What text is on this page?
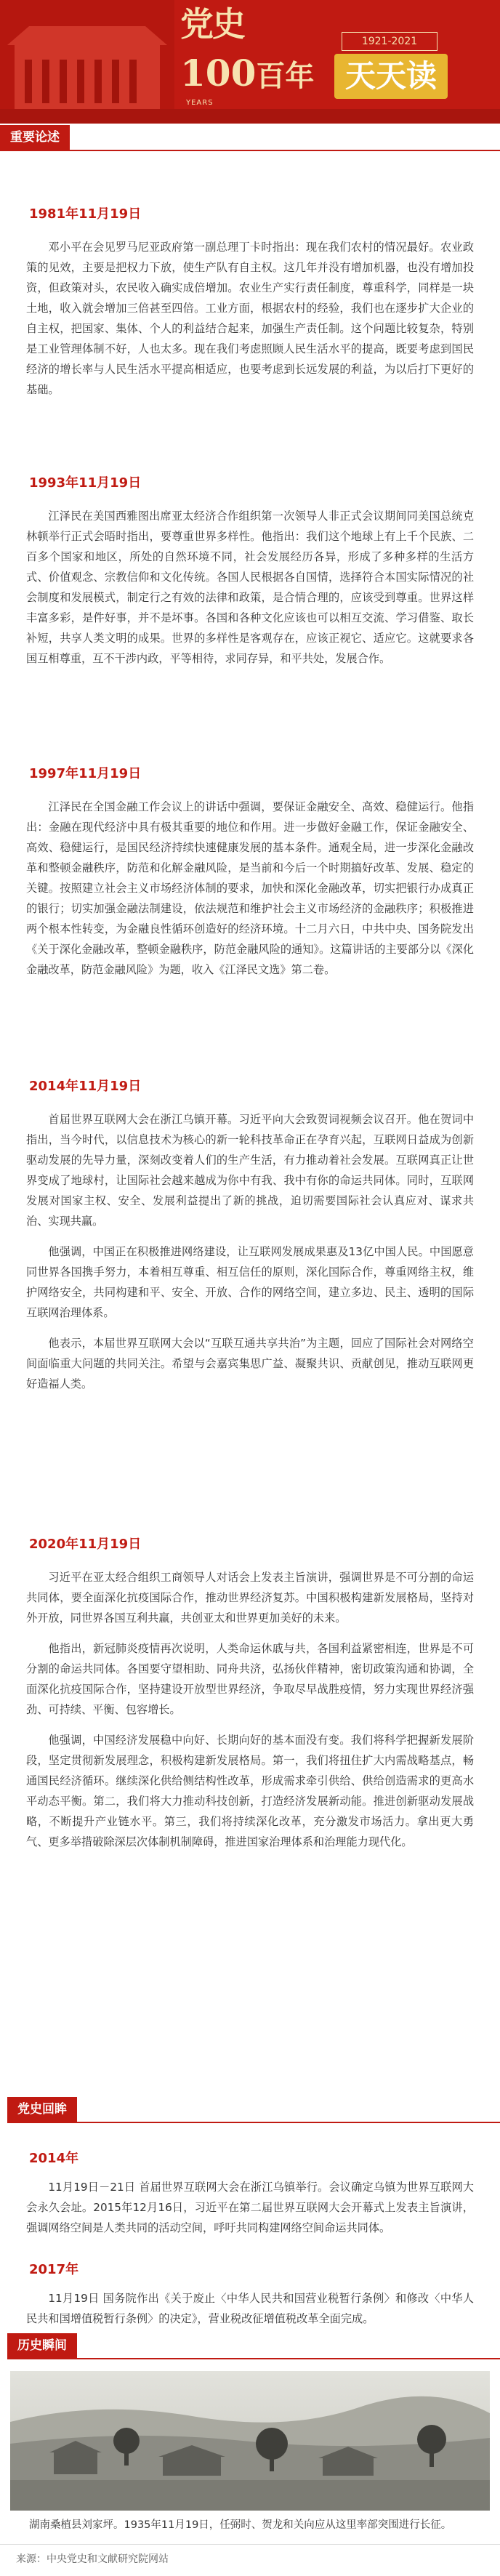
党史
100百年
YEARS
1921-2021
天天读
重要论述
1981年11月19日

邓小平在会见罗马尼亚政府第一副总理丁卡时指出：现在我们农村的情况最好。农业政策的见效，主要是把权力下放，使生产队有自主权。这几年并没有增加机器，也没有增加投资，但政策对头，农民收入确实成倍增加。农业生产实行责任制度，尊重科学，同样是一块土地，收入就会增加三倍甚至四倍。工业方面，根据农村的经验，我们也在逐步扩大企业的自主权，把国家、集体、个人的利益结合起来，加强生产责任制。这个问题比较复杂，特别是工业管理体制不好，人也太多。现在我们考虑照顾人民生活水平的提高，既要考虑到国民经济的增长率与人民生活水平提高相适应，也要考虑到长远发展的利益，为以后打下更好的基础。

1993年11月19日

江泽民在美国西雅图出席亚太经济合作组织第一次领导人非正式会议期间同美国总统克林顿举行正式会晤时指出，要尊重世界多样性。他指出：我们这个地球上有上千个民族、二百多个国家和地区，所处的自然环境不同，社会发展经历各异，形成了多种多样的生活方式、价值观念、宗教信仰和文化传统。各国人民根据各自国情，选择符合本国实际情况的社会制度和发展模式，制定行之有效的法律和政策，是合情合理的，应该受到尊重。世界这样丰富多彩，是件好事，并不是坏事。各国和各种文化应该也可以相互交流、学习借鉴、取长补短，共享人类文明的成果。世界的多样性是客观存在，应该正视它、适应它。这就要求各国互相尊重，互不干涉内政，平等相待，求同存异，和平共处，发展合作。

1997年11月19日

江泽民在全国金融工作会议上的讲话中强调，要保证金融安全、高效、稳健运行。他指出：金融在现代经济中具有极其重要的地位和作用。进一步做好金融工作，保证金融安全、高效、稳健运行，是国民经济持续快速健康发展的基本条件。通观全局，进一步深化金融改革和整顿金融秩序，防范和化解金融风险，是当前和今后一个时期搞好改革、发展、稳定的关键。按照建立社会主义市场经济体制的要求，加快和深化金融改革，切实把银行办成真正的银行；切实加强金融法制建设，依法规范和维护社会主义市场经济的金融秩序；积极推进两个根本性转变，为金融良性循环创造好的经济环境。十二月六日，中共中央、国务院发出《关于深化金融改革，整顿金融秩序，防范金融风险的通知》。这篇讲话的主要部分以《深化金融改革，防范金融风险》为题，收入《江泽民文选》第二卷。

2014年11月19日

首届世界互联网大会在浙江乌镇开幕。习近平向大会致贺词视频会议召开。他在贺词中指出，当今时代，以信息技术为核心的新一轮科技革命正在孕育兴起，互联网日益成为创新驱动发展的先导力量，深刻改变着人们的生产生活，有力推动着社会发展。互联网真正让世界变成了地球村，让国际社会越来越成为你中有我、我中有你的命运共同体。同时，互联网发展对国家主权、安全、发展利益提出了新的挑战，迫切需要国际社会认真应对、谋求共治、实现共赢。

他强调，中国正在积极推进网络建设，让互联网发展成果惠及13亿中国人民。中国愿意同世界各国携手努力，本着相互尊重、相互信任的原则，深化国际合作，尊重网络主权，维护网络安全，共同构建和平、安全、开放、合作的网络空间，建立多边、民主、透明的国际互联网治理体系。

他表示，本届世界互联网大会以“互联互通共享共治”为主题，回应了国际社会对网络空间面临重大问题的共同关注。希望与会嘉宾集思广益、凝聚共识、贡献创见，推动互联网更好造福人类。

2020年11月19日

习近平在亚太经合组织工商领导人对话会上发表主旨演讲，强调世界是不可分割的命运共同体，要全面深化抗疫国际合作，推动世界经济复苏。中国积极构建新发展格局，坚持对外开放，同世界各国互利共赢，共创亚太和世界更加美好的未来。

他指出，新冠肺炎疫情再次说明，人类命运休戚与共，各国利益紧密相连，世界是不可分割的命运共同体。各国要守望相助、同舟共济，弘扬伙伴精神，密切政策沟通和协调，全面深化抗疫国际合作，坚持建设开放型世界经济，争取尽早战胜疫情，努力实现世界经济强劲、可持续、平衡、包容增长。

他强调，中国经济发展稳中向好、长期向好的基本面没有变。我们将科学把握新发展阶段，坚定贯彻新发展理念，积极构建新发展格局。第一，我们将扭住扩大内需战略基点，畅通国民经济循环。继续深化供给侧结构性改革，形成需求牵引供给、供给创造需求的更高水平动态平衡。第二，我们将大力推动科技创新，打造经济发展新动能。推进创新驱动发展战略，不断提升产业链水平。第三，我们将持续深化改革，充分激发市场活力。拿出更大勇气、更多举措破除深层次体制机制障碍，推进国家治理体系和治理能力现代化。

党史回眸
2014年

11月19日－21日 首届世界互联网大会在浙江乌镇举行。会议确定乌镇为世界互联网大会永久会址。2015年12月16日，习近平在第二届世界互联网大会开幕式上发表主旨演讲，强调网络空间是人类共同的活动空间，呼吁共同构建网络空间命运共同体。

2017年

11月19日 国务院作出《关于废止〈中华人民共和国营业税暂行条例〉和修改〈中华人民共和国增值税暂行条例〉的决定》，营业税改征增值税改革全面完成。

历史瞬间
湖南桑植县刘家坪。1935年11月19日，任弼时、贺龙和关向应从这里率部突围进行长征。
来源：中央党史和文献研究院网站
